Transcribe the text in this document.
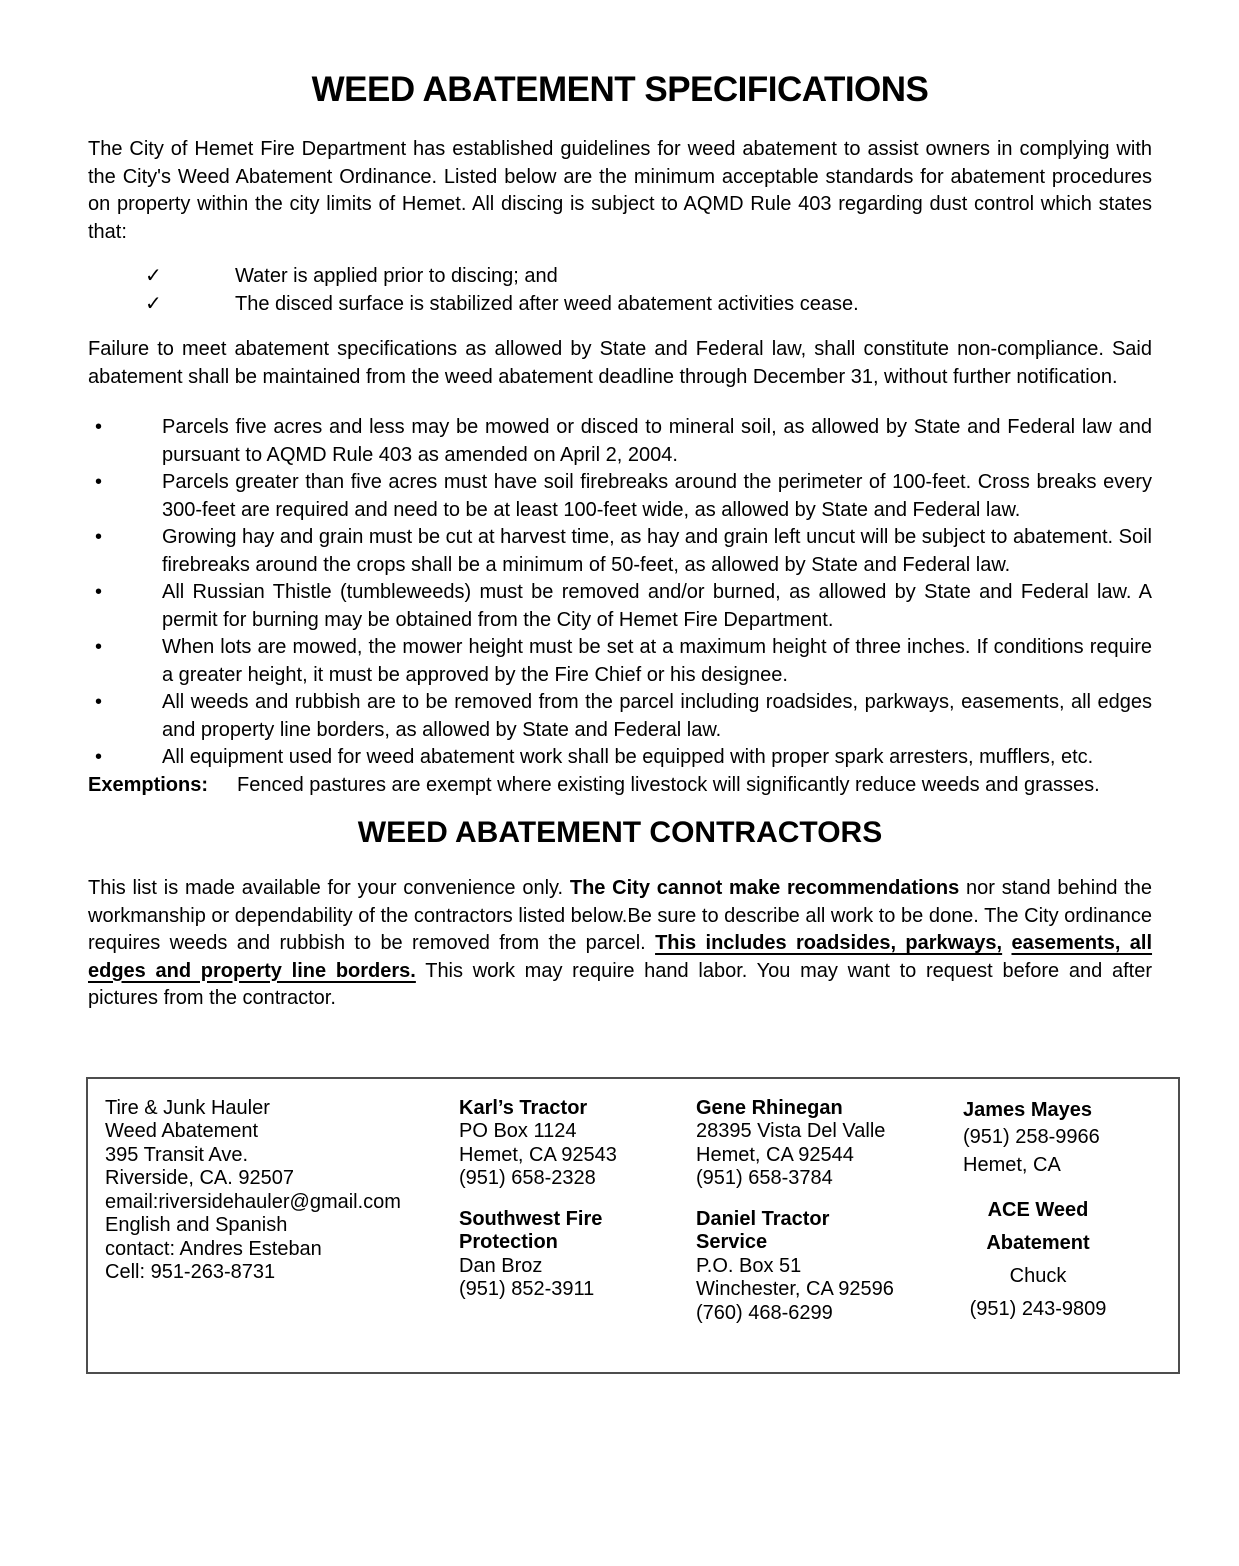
WEED ABATEMENT SPECIFICATIONS

The City of Hemet Fire Department has established guidelines for weed abatement to assist owners in complying with the City's Weed Abatement Ordinance. Listed below are the minimum acceptable standards for abatement procedures on property within the city limits of Hemet. All discing is subject to AQMD Rule 403 regarding dust control which states that:

✓	Water is applied prior to discing; and
✓	The disced surface is stabilized after weed abatement activities cease.

Failure to meet abatement specifications as allowed by State and Federal law, shall constitute non-compliance. Said abatement shall be maintained from the weed abatement deadline through December 31, without further notification.

•	Parcels five acres and less may be mowed or disced to mineral soil, as allowed by State and Federal law and pursuant to AQMD Rule 403 as amended on April 2, 2004.
•	Parcels greater than five acres must have soil firebreaks around the perimeter of 100-feet. Cross breaks every 300-feet are required and need to be at least 100-feet wide, as allowed by State and Federal law.
•	Growing hay and grain must be cut at harvest time, as hay and grain left uncut will be subject to abatement. Soil firebreaks around the crops shall be a minimum of 50-feet, as allowed by State and Federal law.
•	All Russian Thistle (tumbleweeds) must be removed and/or burned, as allowed by State and Federal law. A permit for burning may be obtained from the City of Hemet Fire Department.
•	When lots are mowed, the mower height must be set at a maximum height of three inches. If conditions require a greater height, it must be approved by the Fire Chief or his designee.
•	All weeds and rubbish are to be removed from the parcel including roadsides, parkways, easements, all edges and property line borders, as allowed by State and Federal law.
•	All equipment used for weed abatement work shall be equipped with proper spark arresters, mufflers, etc.
Exemptions:	Fenced pastures are exempt where existing livestock will significantly reduce weeds and grasses.
WEED ABATEMENT CONTRACTORS

This list is made available for your convenience only. The City cannot make recommendations nor stand behind the workmanship or dependability of the contractors listed below.Be sure to describe all work to be done. The City ordinance requires weeds and rubbish to be removed from the parcel. This includes roadsides, parkways, easements, all edges and property line borders. This work may require hand labor. You may want to request before and after pictures from the contractor.

Tire & Junk Hauler
Weed Abatement
395 Transit Ave.
Riverside, CA. 92507
email:riversidehauler@gmail.com
English and Spanish
contact: Andres Esteban
Cell: 951-263-8731
Karl’s Tractor
PO Box 1124
Hemet, CA 92543
(951) 658-2328
Southwest Fire
Protection
Dan Broz
(951) 852-3911
Gene Rhinegan
28395 Vista Del Valle
Hemet, CA 92544
(951) 658-3784
Daniel Tractor
Service
P.O. Box 51
Winchester, CA 92596
(760) 468-6299
James Mayes
(951) 258-9966
Hemet, CA
ACE Weed
Abatement
Chuck
(951) 243-9809
